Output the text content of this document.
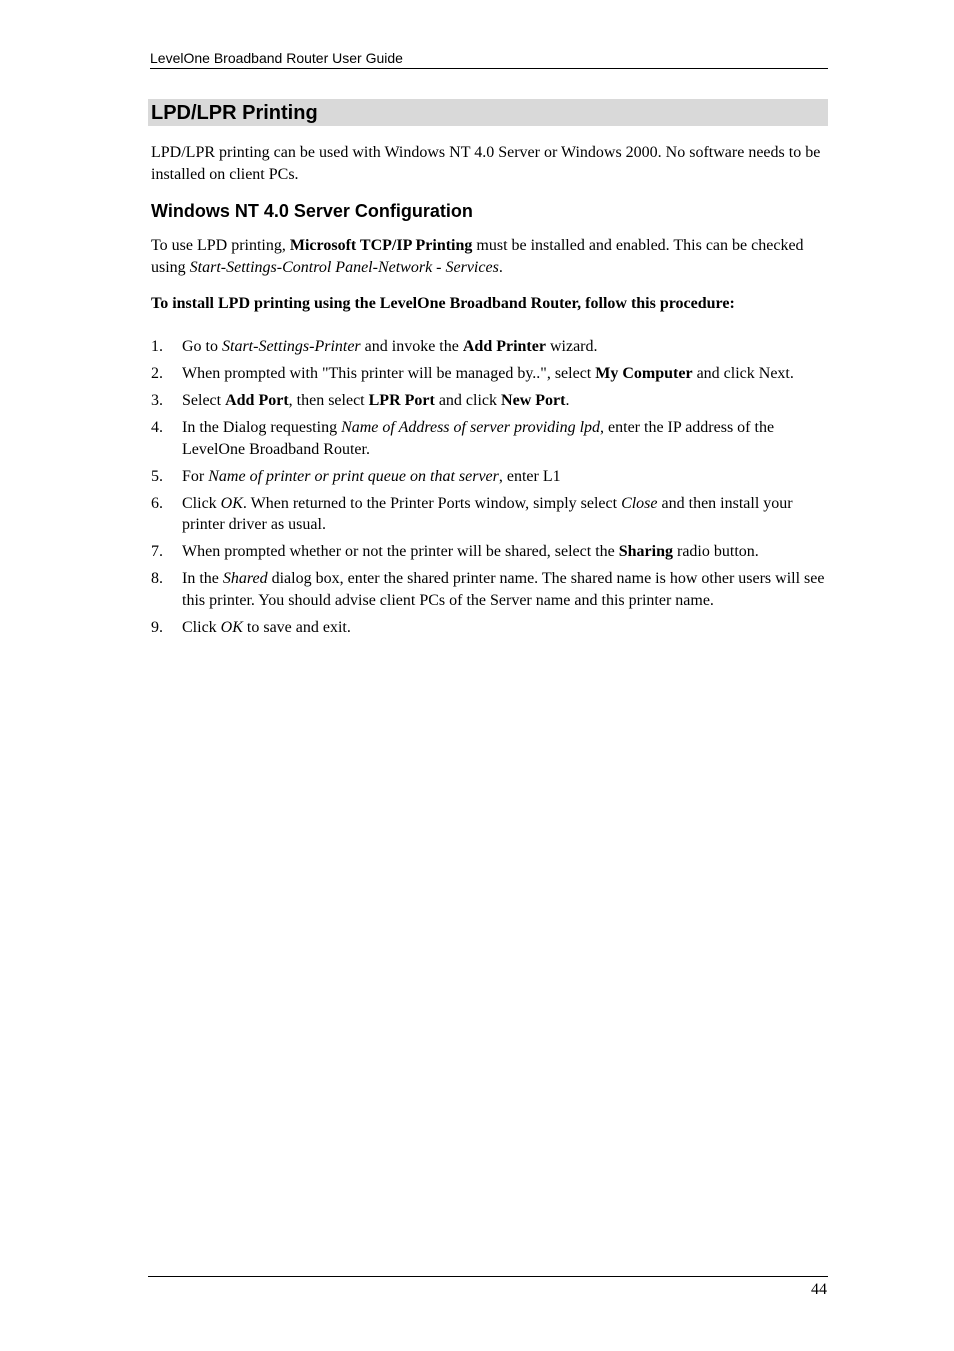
LevelOne Broadband Router User Guide
LPD/LPR Printing

LPD/LPR printing can be used with Windows NT 4.0 Server or Windows 2000. No software needs to be installed on client PCs.

Windows NT 4.0 Server Configuration

To use LPD printing, Microsoft TCP/IP Printing must be installed and enabled. This can be checked using Start-Settings-Control Panel-Network - Services.

To install LPD printing using the LevelOne Broadband Router, follow this procedure:

1. Go to Start-Settings-Printer and invoke the Add Printer wizard.
2. When prompted with "This printer will be managed by..", select My Computer and click Next.
3. Select Add Port, then select LPR Port and click New Port.
4. In the Dialog requesting Name of Address of server providing lpd, enter the IP address of the LevelOne Broadband Router.
5. For Name of printer or print queue on that server, enter L1
6. Click OK. When returned to the Printer Ports window, simply select Close and then install your printer driver as usual.
7. When prompted whether or not the printer will be shared, select the Sharing radio button.
8. In the Shared dialog box, enter the shared printer name. The shared name is how other users will see this printer. You should advise client PCs of the Server name and this printer name.
9. Click OK to save and exit.
44
